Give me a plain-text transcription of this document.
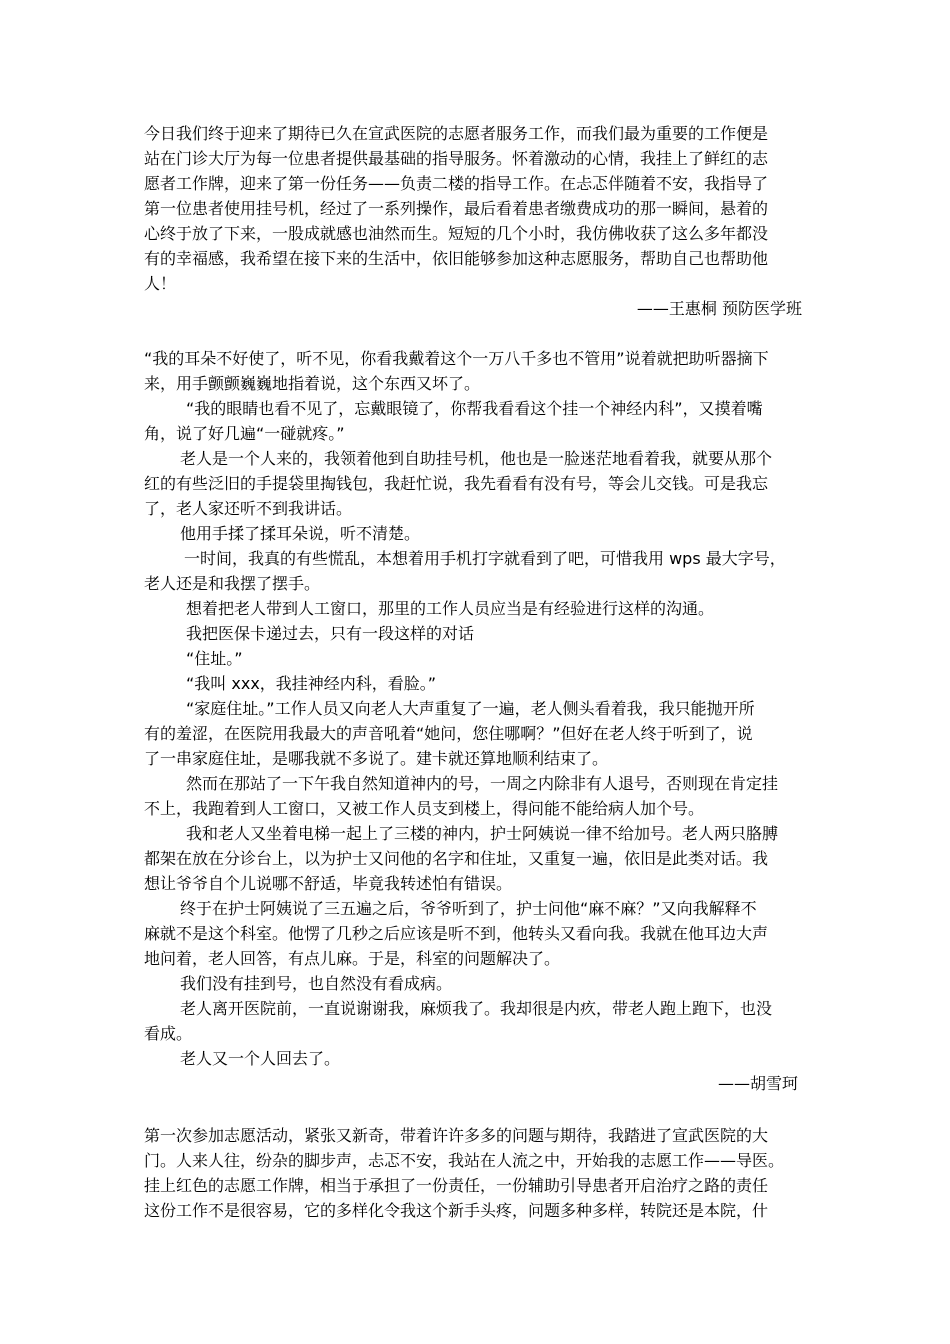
今日我们终于迎来了期待已久在宣武医院的志愿者服务工作，而我们最为重要的工作便是
站在门诊大厅为每一位患者提供最基础的指导服务。怀着激动的心情，我挂上了鲜红的志
愿者工作牌，迎来了第一份任务——负责二楼的指导工作。在忐忑伴随着不安，我指导了
第一位患者使用挂号机，经过了一系列操作，最后看着患者缴费成功的那一瞬间，悬着的
心终于放了下来，一股成就感也油然而生。短短的几个小时，我仿佛收获了这么多年都没
有的幸福感，我希望在接下来的生活中，依旧能够参加这种志愿服务，帮助自己也帮助他
人！
——王惠桐 预防医学班
“我的耳朵不好使了，听不见，你看我戴着这个一万八千多也不管用”说着就把助听器摘下
来，用手颤颤巍巍地指着说，这个东西又坏了。
“我的眼睛也看不见了，忘戴眼镜了，你帮我看看这个挂一个神经内科”，又摸着嘴
角，说了好几遍“一碰就疼。”
老人是一个人来的，我领着他到自助挂号机，他也是一脸迷茫地看着我，就要从那个
红的有些泛旧的手提袋里掏钱包，我赶忙说，我先看看有没有号，等会儿交钱。可是我忘
了，老人家还听不到我讲话。
他用手揉了揉耳朵说，听不清楚。
一时间，我真的有些慌乱，本想着用手机打字就看到了吧，可惜我用 wps 最大字号，
老人还是和我摆了摆手。
想着把老人带到人工窗口，那里的工作人员应当是有经验进行这样的沟通。
我把医保卡递过去，只有一段这样的对话
“住址。”
“我叫 xxx，我挂神经内科，看脸。”
“家庭住址。”工作人员又向老人大声重复了一遍，老人侧头看着我，我只能抛开所
有的羞涩，在医院用我最大的声音吼着“她问，您住哪啊？”但好在老人终于听到了，说
了一串家庭住址，是哪我就不多说了。建卡就还算地顺利结束了。
然而在那站了一下午我自然知道神内的号，一周之内除非有人退号，否则现在肯定挂
不上，我跑着到人工窗口，又被工作人员支到楼上，得问能不能给病人加个号。
我和老人又坐着电梯一起上了三楼的神内，护士阿姨说一律不给加号。老人两只胳膊
都架在放在分诊台上，以为护士又问他的名字和住址，又重复一遍，依旧是此类对话。我
想让爷爷自个儿说哪不舒适，毕竟我转述怕有错误。
终于在护士阿姨说了三五遍之后，爷爷听到了，护士问他“麻不麻？”又向我解释不
麻就不是这个科室。他愣了几秒之后应该是听不到，他转头又看向我。我就在他耳边大声
地问着，老人回答，有点儿麻。于是，科室的问题解决了。
我们没有挂到号，也自然没有看成病。
老人离开医院前，一直说谢谢我，麻烦我了。我却很是内疚，带老人跑上跑下，也没
看成。
老人又一个人回去了。
——胡雪珂
第一次参加志愿活动，紧张又新奇，带着许许多多的问题与期待，我踏进了宣武医院的大
门。人来人往，纷杂的脚步声，忐忑不安，我站在人流之中，开始我的志愿工作——导医。
挂上红色的志愿工作牌，相当于承担了一份责任，一份辅助引导患者开启治疗之路的责任
这份工作不是很容易，它的多样化令我这个新手头疼，问题多种多样，转院还是本院，什
